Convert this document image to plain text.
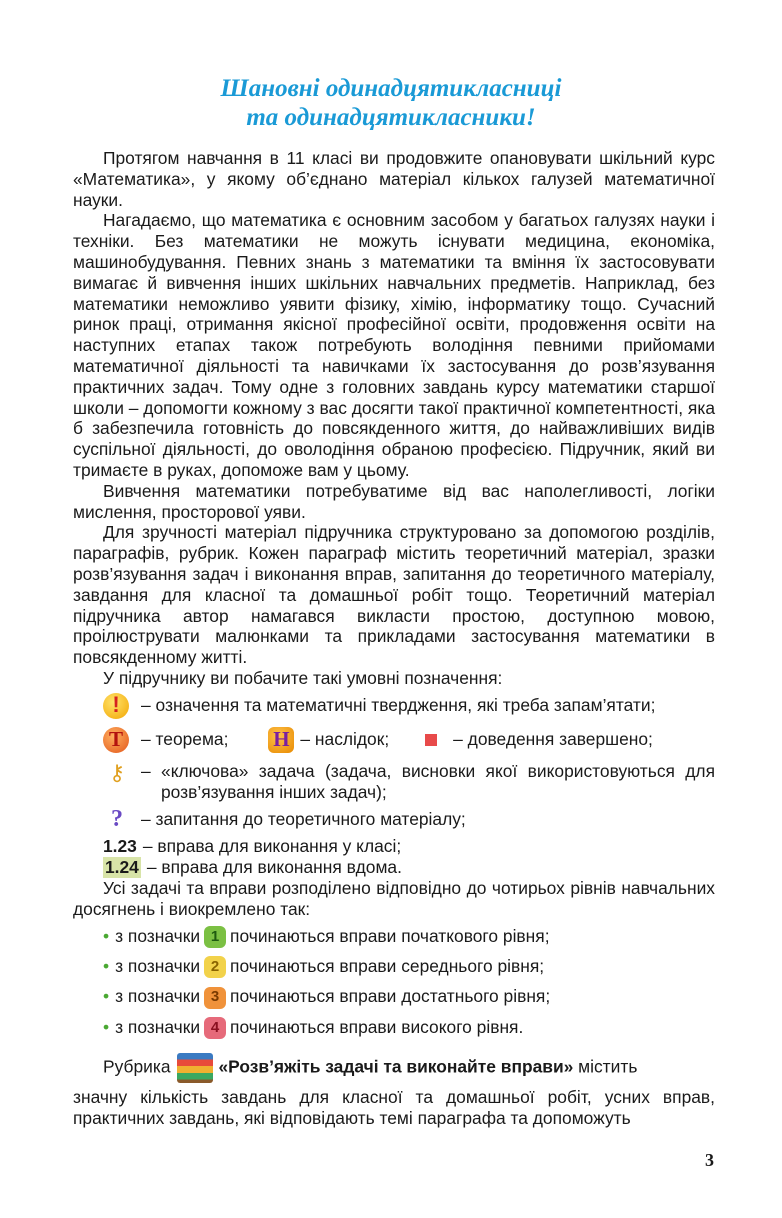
Шановні одинадцятикласниці
та одинадцятикласники!

Протягом навчання в 11 класі ви продовжите опановувати шкільний курс «Математика», у якому об’єднано матеріал кількох галузей математичної науки.

Нагадаємо, що математика є основним засобом у багатьох галузях науки і техніки. Без математики не можуть існувати медицина, економіка, машинобудування. Певних знань з математики та вміння їх застосовувати вимагає й вивчення інших шкільних навчальних предметів. Наприклад, без математики неможливо уявити фізику, хімію, інформатику тощо. Сучасний ринок праці, отримання якісної професійної освіти, продовження освіти на наступних етапах також потребують володіння певними прийомами математичної діяльності та навичками їх застосування до розв’язування практичних задач. Тому одне з головних завдань курсу математики старшої школи – допомогти кожному з вас досягти такої практичної компетентності, яка б забезпечила готовність до повсякденного життя, до найважливіших видів суспільної діяльності, до оволодіння обраною професією. Підручник, який ви тримаєте в руках, допоможе вам у цьому.

Вивчення математики потребуватиме від вас наполегливості, логіки мислення, просторової уяви.

Для зручності матеріал підручника структуровано за допомогою розділів, параграфів, рубрик. Кожен параграф містить теоретичний матеріал, зразки розв’язування задач і виконання вправ, запитання до теоретичного матеріалу, завдання для класної та домашньої робіт тощо. Теоретичний матеріал підручника автор намагався викласти простою, доступною мовою, проілюструвати малюнками та прикладами застосування математики в повсякденному житті.

У підручнику ви побачите такі умовні позначення:

!	– означення та математичні твердження, які треба запам’ятати;
T	– теорема; Н – наслідок;	– доведення завершено;
⚷ – «ключова» задача (задача, висновки якої використовуються для розв’язування інших задач);
?	– запитання до теоретичного матеріалу;
1.23 – вправа для виконання у класі;
1.24 – вправа для виконання вдома.

Усі задачі та вправи розподілено відповідно до чотирьох рівнів навчальних досягнень і виокремлено так:

• з позначки 1 починаються вправи початкового рівня;
• з позначки 2 починаються вправи середнього рівня;
• з позначки 3 починаються вправи достатнього рівня;
• з позначки 4 починаються вправи високого рівня.
Рубрика	«Розв’яжіть задачі та виконайте вправи» містить

значну кількість завдань для класної та домашньої робіт, усних вправ, практичних завдань, які відповідають темі параграфа та допоможуть

3
